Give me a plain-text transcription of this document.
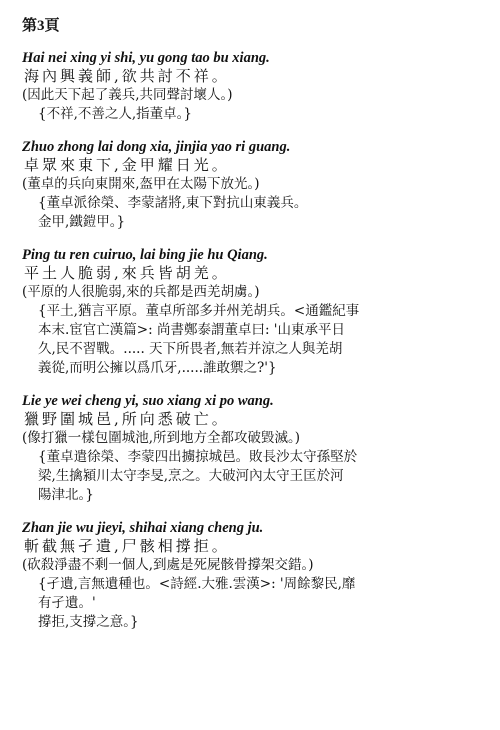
第3頁
Hai nei xing yi shi, yu gong tao bu xiang.
海內興義師,欲共討不祥。
(因此天下起了義兵,共同聲討壞人。)
{不祥,不善之人,指董卓。}
Zhuo zhong lai dong xia, jinjia yao ri guang.
卓眾來東下,金甲耀日光。
(董卓的兵向東開來,盔甲在太陽下放光。)
{董卓派徐榮、李蒙諸將,東下對抗山東義兵。
金甲,鐵鎧甲。}
Ping tu ren cuiruo, lai bing jie hu Qiang.
平土人脆弱,來兵皆胡羌。
(平原的人很脆弱,來的兵都是西羌胡虜。)
{平土,猶言平原。董卓所部多并州羌胡兵。<通鑑紀事
本末.宦官亡漢篇>: 尚書鄭泰謂董卓曰: '山東承平日
久,民不習戰。..... 天下所畏者,無若并涼之人與羌胡
義從,而明公擁以爲爪牙,.....誰敢禦之?'}
Lie ye wei cheng yi, suo xiang xi po wang.
獵野圍城邑,所向悉破亡。
(像打獵一樣包圍城池,所到地方全都攻破毀滅。)
{董卓遣徐榮、李蒙四出擄掠城邑。敗長沙太守孫堅於
梁,生擒潁川太守李旻,烹之。大破河內太守王匡於河
陽津北。}
Zhan jie wu jieyi, shihai xiang cheng ju.
斬截無孑遺,尸骸相撐拒。
(砍殺淨盡不剩一個人,到處是死屍骸骨撐架交錯。)
{孑遺,言無遺種也。<詩經.大雅.雲漢>: '周餘黎民,靡
有孑遺。'
撐拒,支撐之意。}
